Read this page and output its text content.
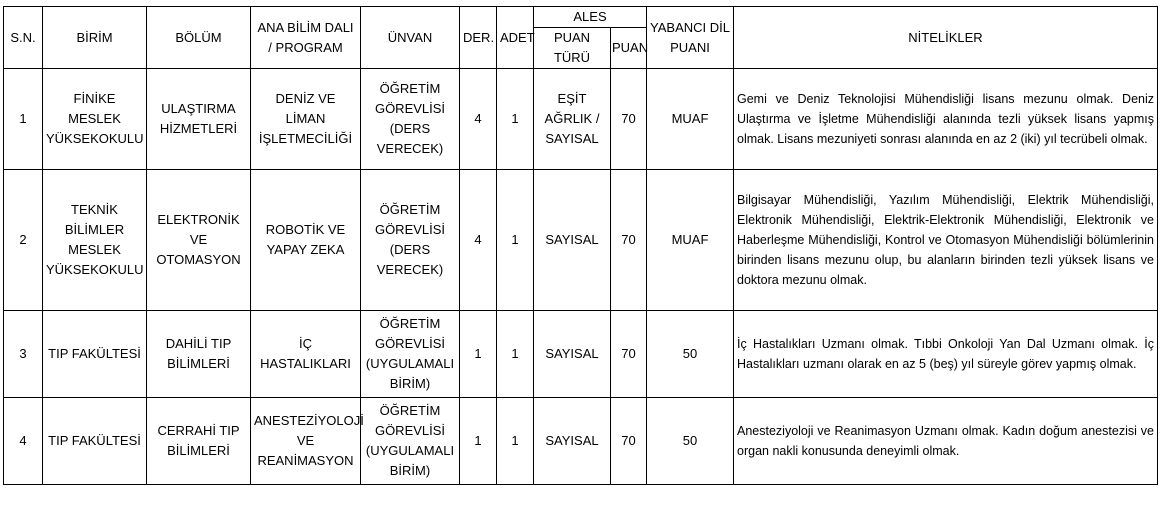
S.N.	BİRİM	BÖLÜM	ANA BİLİM DALI / PROGRAM	ÜNVAN	DER.	ADET	ALES		YABANCI DİL PUANI	NİTELİKLER
							PUAN TÜRÜ	PUAN		
1	FİNİKE MESLEK YÜKSEKOKULU	ULAŞTIRMA HİZMETLERİ	DENİZ VE LİMAN İŞLETMECİLİĞİ	ÖĞRETİM GÖREVLİSİ (DERS VERECEK)	4	1	EŞİT AĞRLIK / SAYISAL	70	MUAF	Gemi ve Deniz Teknolojisi Mühendisliği lisans mezunu olmak. Deniz Ulaştırma ve İşletme Mühendisliği alanında tezli yüksek lisans yapmış olmak. Lisans mezuniyeti sonrası alanında en az 2 (iki) yıl tecrübeli olmak.
2	TEKNİK BİLİMLER MESLEK YÜKSEKOKULU	ELEKTRONİK VE OTOMASYON	ROBOTİK VE YAPAY ZEKA	ÖĞRETİM GÖREVLİSİ (DERS VERECEK)	4	1	SAYISAL	70	MUAF	Bilgisayar Mühendisliği, Yazılım Mühendisliği, Elektrik Mühendisliği, Elektronik Mühendisliği, Elektrik-Elektronik Mühendisliği, Elektronik ve Haberleşme Mühendisliği, Kontrol ve Otomasyon Mühendisliği bölümlerinin birinden lisans mezunu olup, bu alanların birinden tezli yüksek lisans ve doktora mezunu olmak.
3	TIP FAKÜLTESİ	DAHİLİ TIP BİLİMLERİ	İÇ HASTALIKLARI	ÖĞRETİM GÖREVLİSİ (UYGULAMALI BİRİM)	1	1	SAYISAL	70	50	İç Hastalıkları Uzmanı olmak. Tıbbi Onkoloji Yan Dal Uzmanı olmak. İç Hastalıkları uzmanı olarak en az 5 (beş) yıl süreyle görev yapmış olmak.
4	TIP FAKÜLTESİ	CERRAHİ TIP BİLİMLERİ	ANESTEZİYOLOJİ VE REANİMASYON	ÖĞRETİM GÖREVLİSİ (UYGULAMALI BİRİM)	1	1	SAYISAL	70	50	Anesteziyoloji ve Reanimasyon Uzmanı olmak. Kadın doğum anestezisi ve organ nakli konusunda deneyimli olmak.
